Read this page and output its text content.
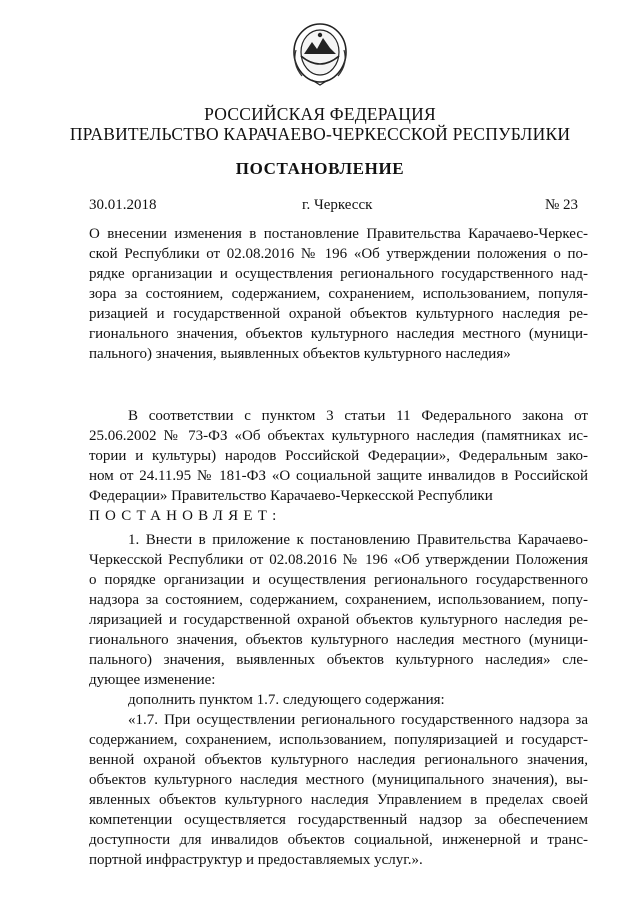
РОССИЙСКАЯ ФЕДЕРАЦИЯ
ПРАВИТЕЛЬСТВО КАРАЧАЕВО-ЧЕРКЕССКОЙ РЕСПУБЛИКИ
ПОСТАНОВЛЕНИЕ
30.01.2018	г. Черкесск	№ 23
О внесении изменения в постановление Правительства Карачаево-Черкес-
ской Республики от 02.08.2016 № 196 «Об утверждении положения о по-
рядке организации и осуществления регионального государственного над-
зора за состоянием, содержанием, сохранением, использованием, популя-
ризацией и государственной охраной объектов культурного наследия ре-
гионального значения, объектов культурного наследия местного (муници-
пального) значения, выявленных объектов культурного наследия»
В соответствии с пунктом 3 статьи 11 Федерального закона от
25.06.2002 № 73-ФЗ «Об объектах культурного наследия (памятниках ис-
тории и культуры) народов Российской Федерации», Федеральным зако-
ном от 24.11.95 № 181-ФЗ «О социальной защите инвалидов в Российской
Федерации» Правительство Карачаево-Черкесской Республики
ПОСТАНОВЛЯЕТ:
1. Внести в приложение к постановлению Правительства Карачаево-
Черкесской Республики от 02.08.2016 № 196 «Об утверждении Положения
о порядке организации и осуществления регионального государственного
надзора за состоянием, содержанием, сохранением, использованием, попу-
ляризацией и государственной охраной объектов культурного наследия ре-
гионального значения, объектов культурного наследия местного (муници-
пального) значения, выявленных объектов культурного наследия» сле-
дующее изменение:
дополнить пунктом 1.7. следующего содержания:
«1.7. При осуществлении регионального государственного надзора за
содержанием, сохранением, использованием, популяризацией и государст-
венной охраной объектов культурного наследия регионального значения,
объектов культурного наследия местного (муниципального значения), вы-
явленных объектов культурного наследия Управлением в пределах своей
компетенции осуществляется государственный надзор за обеспечением
доступности для инвалидов объектов социальной, инженерной и транс-
портной инфраструктур и предоставляемых услуг.».
